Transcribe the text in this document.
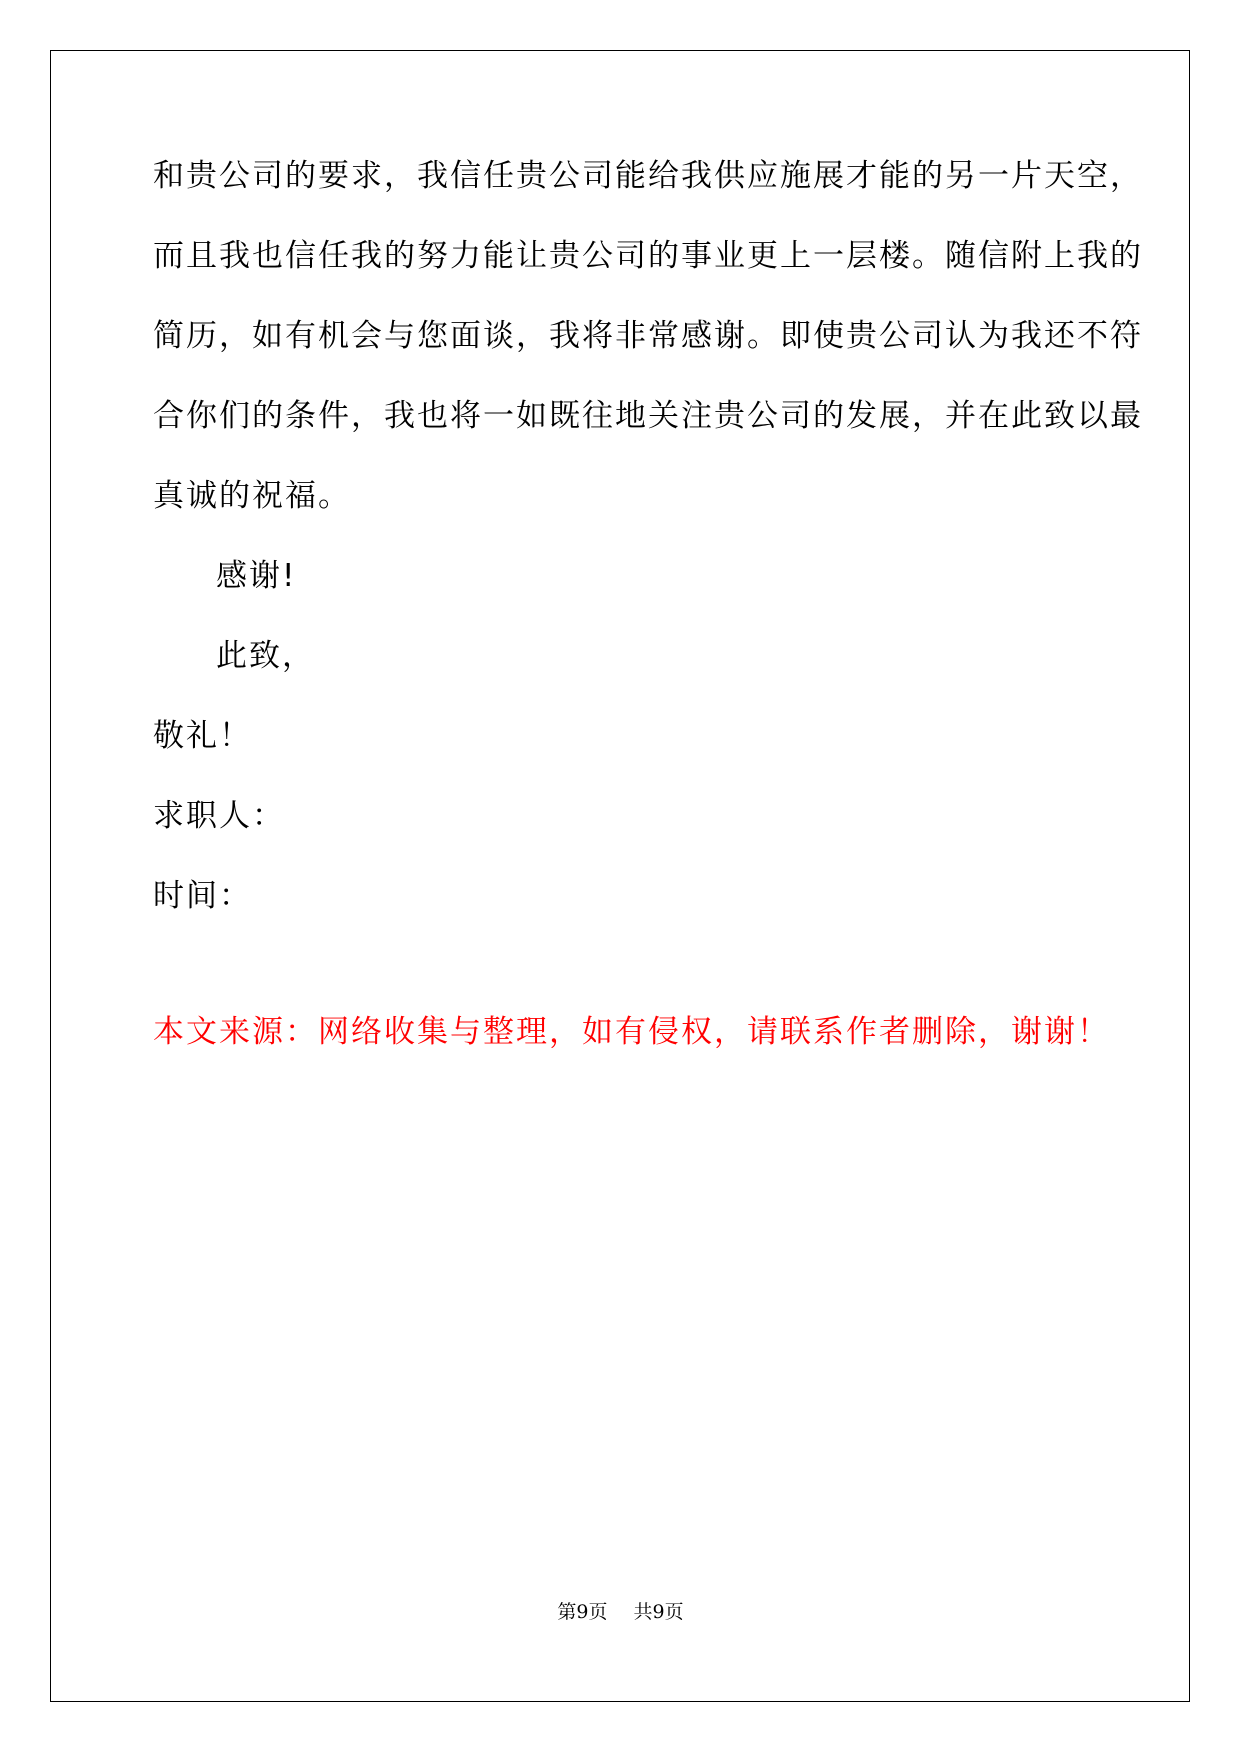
和贵公司的要求，我信任贵公司能给我供应施展才能的另一片天空，
而且我也信任我的努力能让贵公司的事业更上一层楼。随信附上我的
简历，如有机会与您面谈，我将非常感谢。即使贵公司认为我还不符
合你们的条件，我也将一如既往地关注贵公司的发展，并在此致以最
真诚的祝福。
感谢!
此致，
敬礼！
求职人：
时间：
本文来源：网络收集与整理，如有侵权，请联系作者删除，谢谢！
第9页 共9页
